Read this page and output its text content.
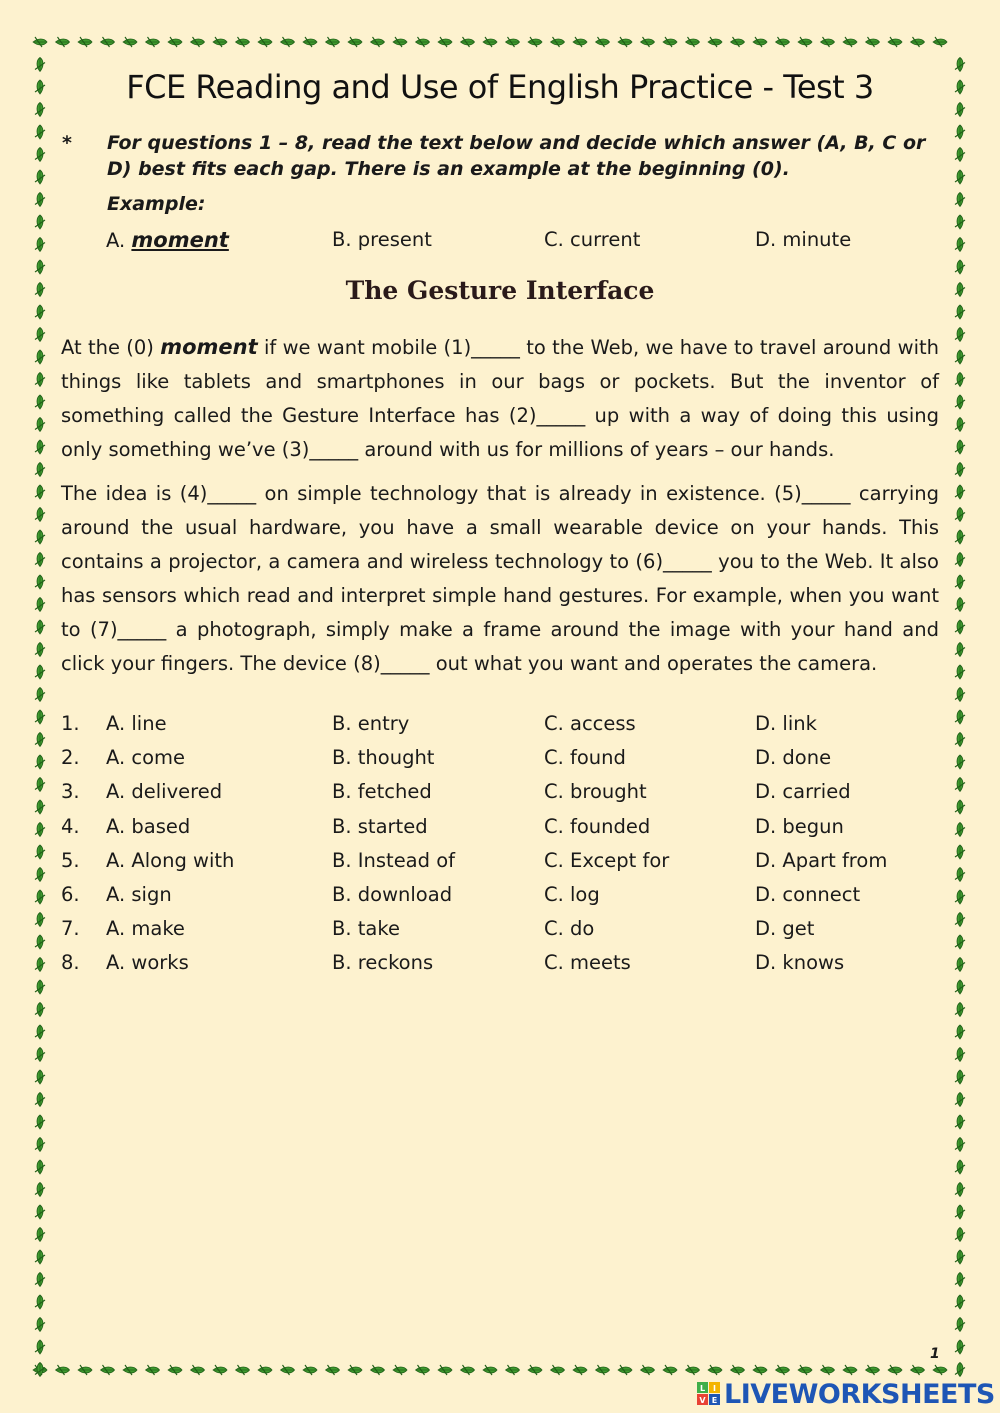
FCE Reading and Use of English Practice - Test 3
* For questions 1 – 8, read the text below and decide which answer (A, B, C or D) best fits each gap. There is an example at the beginning (0).
Example:
A. moment	B. present	C. current	D. minute
The Gesture Interface
At the (0) moment if we want mobile (1)_____ to the Web, we have to travel around with things like tablets and smartphones in our bags or pockets. But the inventor of something called the Gesture Interface has (2)_____ up with a way of doing this using only something we’ve (3)_____ around with us for millions of years – our hands.
The idea is (4)_____ on simple technology that is already in existence. (5)_____ carrying around the usual hardware, you have a small wearable device on your hands. This contains a projector, a camera and wireless technology to (6)_____ you to the Web. It also has sensors which read and interpret simple hand gestures. For example, when you want to (7)_____ a photograph, simply make a frame around the image with your hand and click your fingers. The device (8)_____ out what you want and operates the camera.
1. A. line	B. entry	C. access	D. link
2. A. come	B. thought	C. found	D. done
3. A. delivered	B. fetched	C. brought	D. carried
4. A. based	B. started	C. founded	D. begun
5. A. Along with	B. Instead of	C. Except for	D. Apart from
6. A. sign	B. download	C. log	D. connect
7. A. make	B. take	C. do	D. get
8. A. works	B. reckons	C. meets	D. knows
1
L I
V E LIVEWORKSHEETS
